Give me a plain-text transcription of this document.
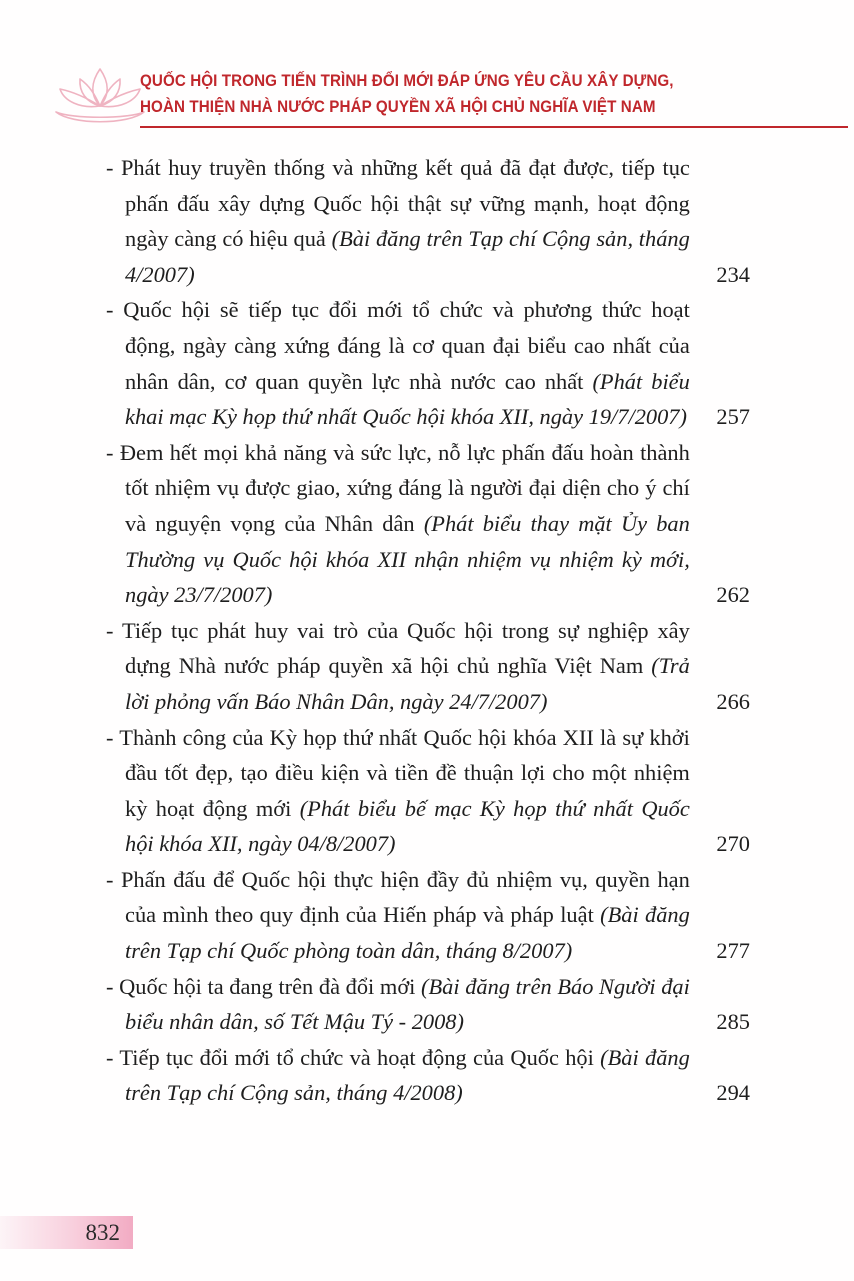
QUỐC HỘI TRONG TIẾN TRÌNH ĐỔI MỚI ĐÁP ỨNG YÊU CẦU XÂY DỰNG,
HOÀN THIỆN NHÀ NƯỚC PHÁP QUYỀN XÃ HỘI CHỦ NGHĨA VIỆT NAM
- Phát huy truyền thống và những kết quả đã đạt được, tiếp tục phấn đấu xây dựng Quốc hội thật sự vững mạnh, hoạt động ngày càng có hiệu quả (Bài đăng trên Tạp chí Cộng sản, tháng 4/2007)	234
- Quốc hội sẽ tiếp tục đổi mới tổ chức và phương thức hoạt động, ngày càng xứng đáng là cơ quan đại biểu cao nhất của nhân dân, cơ quan quyền lực nhà nước cao nhất (Phát biểu khai mạc Kỳ họp thứ nhất Quốc hội khóa XII, ngày 19/7/2007)	257
- Đem hết mọi khả năng và sức lực, nỗ lực phấn đấu hoàn thành tốt nhiệm vụ được giao, xứng đáng là người đại diện cho ý chí và nguyện vọng của Nhân dân (Phát biểu thay mặt Ủy ban Thường vụ Quốc hội khóa XII nhận nhiệm vụ nhiệm kỳ mới, ngày 23/7/2007)	262
- Tiếp tục phát huy vai trò của Quốc hội trong sự nghiệp xây dựng Nhà nước pháp quyền xã hội chủ nghĩa Việt Nam (Trả lời phỏng vấn Báo Nhân Dân, ngày 24/7/2007)	266
- Thành công của Kỳ họp thứ nhất Quốc hội khóa XII là sự khởi đầu tốt đẹp, tạo điều kiện và tiền đề thuận lợi cho một nhiệm kỳ hoạt động mới (Phát biểu bế mạc Kỳ họp thứ nhất Quốc hội khóa XII, ngày 04/8/2007)	270
- Phấn đấu để Quốc hội thực hiện đầy đủ nhiệm vụ, quyền hạn của mình theo quy định của Hiến pháp và pháp luật (Bài đăng trên Tạp chí Quốc phòng toàn dân, tháng 8/2007)	277
- Quốc hội ta đang trên đà đổi mới (Bài đăng trên Báo Người đại biểu nhân dân, số Tết Mậu Tý - 2008)	285
- Tiếp tục đổi mới tổ chức và hoạt động của Quốc hội (Bài đăng trên Tạp chí Cộng sản, tháng 4/2008)	294
832
